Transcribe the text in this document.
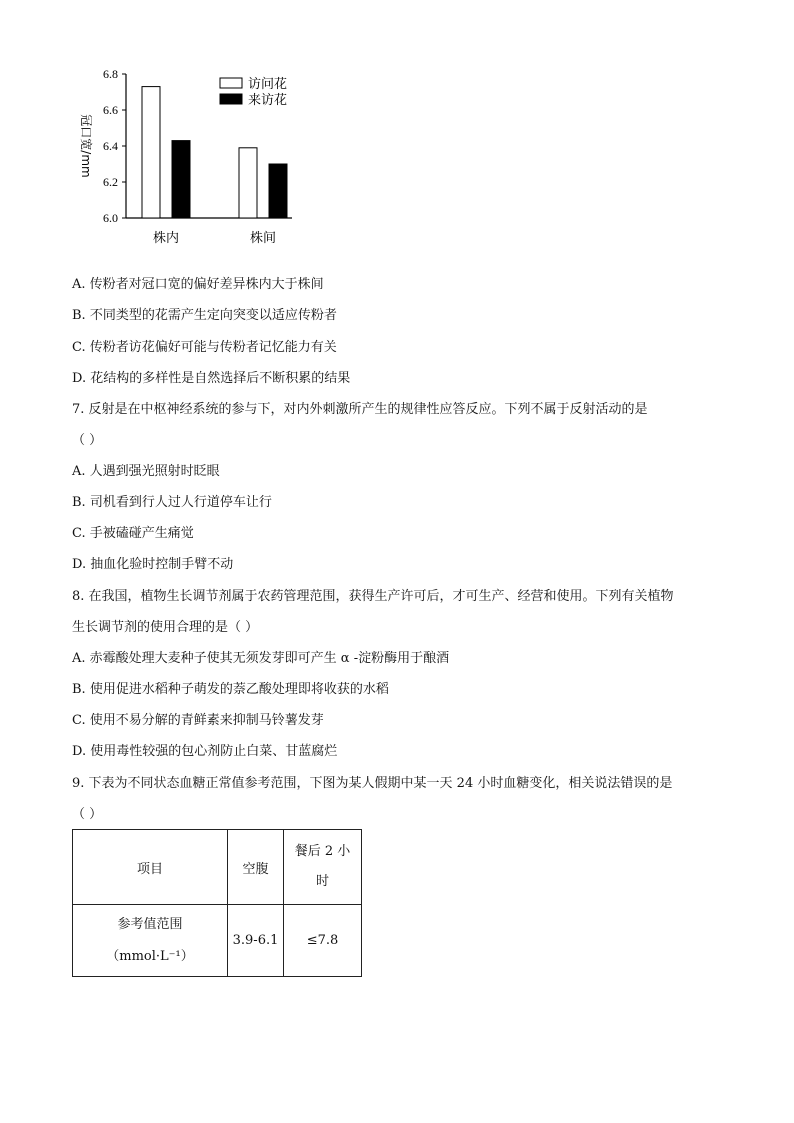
6.0
6.2
6.4
6.6
6.8
冠口宽/mm
株内	株间
访问花
来访花
A. 传粉者对冠口宽的偏好差异株内大于株间
B. 不同类型的花需产生定向突变以适应传粉者
C. 传粉者访花偏好可能与传粉者记忆能力有关
D. 花结构的多样性是自然选择后不断积累的结果
7. 反射是在中枢神经系统的参与下，对内外刺激所产生的规律性应答反应。下列不属于反射活动的是
（ ）
A. 人遇到强光照射时眨眼
B. 司机看到行人过人行道停车让行
C. 手被磕碰产生痛觉
D. 抽血化验时控制手臂不动
8. 在我国，植物生长调节剂属于农药管理范围，获得生产许可后，才可生产、经营和使用。下列有关植物
生长调节剂的使用合理的是（ ）
A. 赤霉酸处理大麦种子使其无须发芽即可产生 α -淀粉酶用于酿酒
B. 使用促进水稻种子萌发的萘乙酸处理即将收获的水稻
C. 使用不易分解的青鲜素来抑制马铃薯发芽
D. 使用毒性较强的包心剂防止白菜、甘蓝腐烂
9. 下表为不同状态血糖正常值参考范围，下图为某人假期中某一天 24 小时血糖变化，相关说法错误的是
（ ）
项目	空腹	餐后 2 小
时

参考值范围
（mmol·L⁻¹）	3.9-6.1	≤7.8
